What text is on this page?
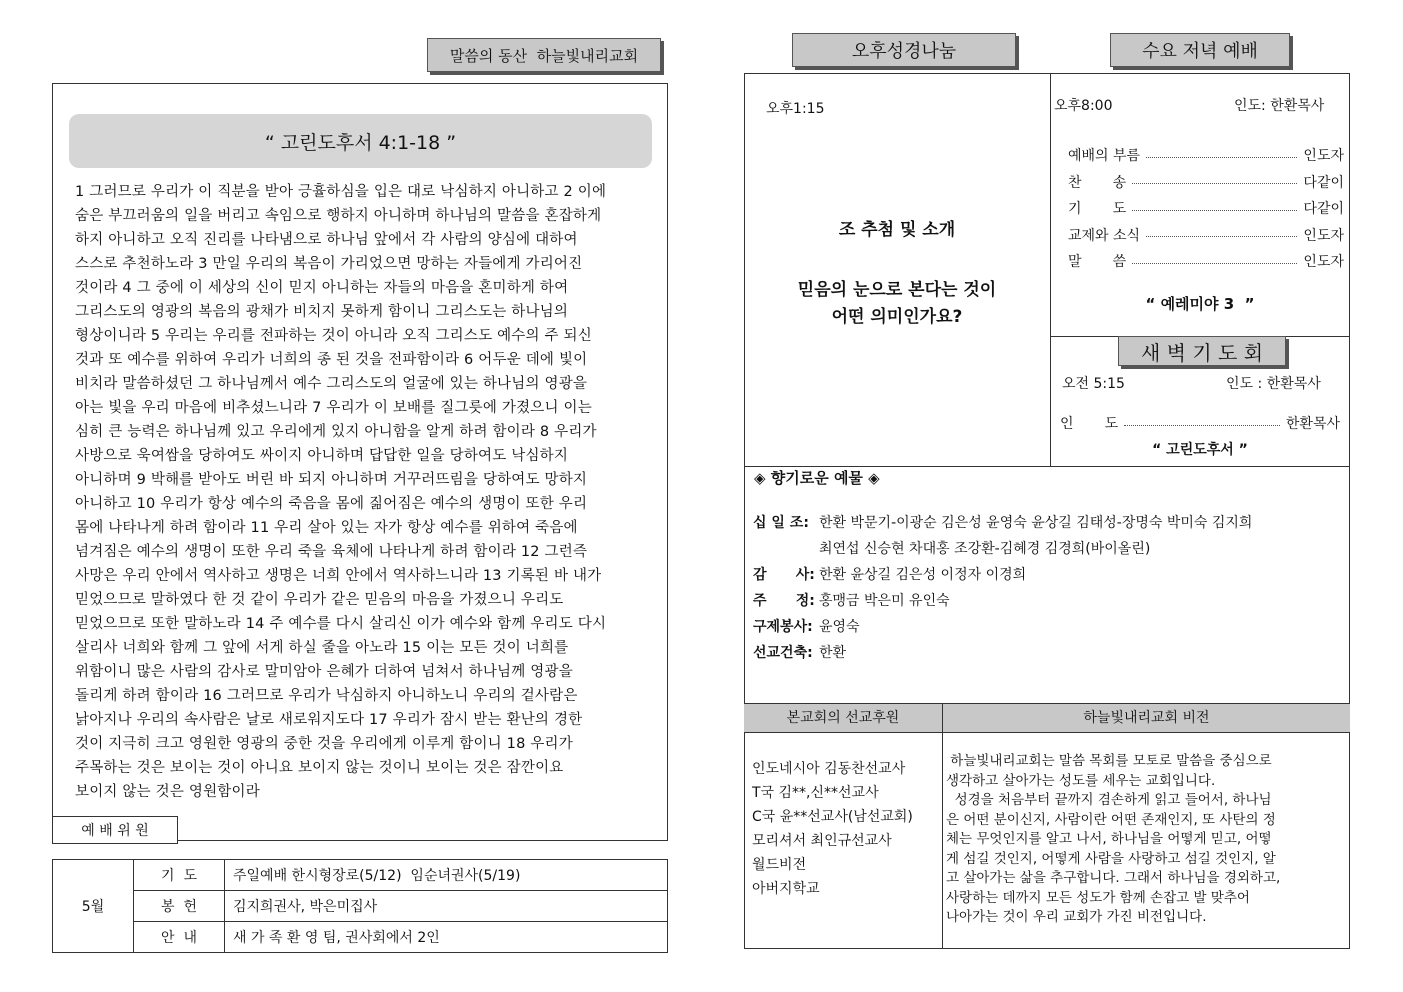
말씀의 동산  하늘빛내리교회
“ 고린도후서 4:1-18 ”

1 그러므로 우리가 이 직분을 받아 긍휼하심을 입은 대로 낙심하지 아니하고 2 이에

숨은 부끄러움의 일을 버리고 속임으로 행하지 아니하며 하나님의 말씀을 혼잡하게

하지 아니하고 오직 진리를 나타냄으로 하나님 앞에서 각 사람의 양심에 대하여

스스로 추천하노라 3 만일 우리의 복음이 가리었으면 망하는 자들에게 가리어진

것이라 4 그 중에 이 세상의 신이 믿지 아니하는 자들의 마음을 혼미하게 하여

그리스도의 영광의 복음의 광채가 비치지 못하게 함이니 그리스도는 하나님의

형상이니라 5 우리는 우리를 전파하는 것이 아니라 오직 그리스도 예수의 주 되신

것과 또 예수를 위하여 우리가 너희의 종 된 것을 전파함이라 6 어두운 데에 빛이

비치라 말씀하셨던 그 하나님께서 예수 그리스도의 얼굴에 있는 하나님의 영광을

아는 빛을 우리 마음에 비추셨느니라 7 우리가 이 보배를 질그릇에 가졌으니 이는

심히 큰 능력은 하나님께 있고 우리에게 있지 아니함을 알게 하려 함이라 8 우리가

사방으로 욱여쌈을 당하여도 싸이지 아니하며 답답한 일을 당하여도 낙심하지

아니하며 9 박해를 받아도 버린 바 되지 아니하며 거꾸러뜨림을 당하여도 망하지

아니하고 10 우리가 항상 예수의 죽음을 몸에 짊어짐은 예수의 생명이 또한 우리

몸에 나타나게 하려 함이라 11 우리 살아 있는 자가 항상 예수를 위하여 죽음에

넘겨짐은 예수의 생명이 또한 우리 죽을 육체에 나타나게 하려 함이라 12 그런즉

사망은 우리 안에서 역사하고 생명은 너희 안에서 역사하느니라 13 기록된 바 내가

믿었으므로 말하였다 한 것 같이 우리가 같은 믿음의 마음을 가졌으니 우리도

믿었으므로 또한 말하노라 14 주 예수를 다시 살리신 이가 예수와 함께 우리도 다시

살리사 너희와 함께 그 앞에 서게 하실 줄을 아노라 15 이는 모든 것이 너희를

위함이니 많은 사람의 감사로 말미암아 은혜가 더하여 넘쳐서 하나님께 영광을

돌리게 하려 함이라 16 그러므로 우리가 낙심하지 아니하노니 우리의 겉사람은

낡아지나 우리의 속사람은 날로 새로워지도다 17 우리가 잠시 받는 환난의 경한

것이 지극히 크고 영원한 영광의 중한 것을 우리에게 이루게 함이니 18 우리가

주목하는 것은 보이는 것이 아니요 보이지 않는 것이니 보이는 것은 잠깐이요

보이지 않는 것은 영원함이라

예 배 위 원
5월	기  도	주일예배 한시형장로(5/12)  임순녀권사(5/19)
	봉  헌	김지희권사, 박은미집사
	안  내	새 가 족 환 영 팀, 권사회에서 2인
오후성경나눔	수요 저녁 예배
오후1:15
조 추첨 및 소개
믿음의 눈으로 본다는 것이
어떤 의미인가요?
오후8:00	인도: 한환목사
예배의 부름	인도자
찬       송	다같이
기       도	다같이
교제와 소식	인도자
말       씀	인도자
“ 예레미야 3  ”
새 벽 기 도 회
오전 5:15	인도 : 한환목사
인       도	한환목사
“ 고린도후서 ”
◈ 향기로운 예물 ◈
십 일 조: 한환 박문기-이광순 김은성 윤영숙 윤상길 김태성-장명숙 박미숙 김지희
최연섭 신승현 차대홍 조강환-김혜경 김경희(바이올린)
감      사: 한환 윤상길 김은성 이정자 이경희
주      정: 홍맹금 박은미 유인숙
구제봉사: 윤영숙
선교건축: 한환
본교회의 선교후원	하늘빛내리교회 비전

인도네시아 김동찬선교사

T국 김**,신**선교사

C국 윤**선교사(남선교회)

모리셔서 최인규선교사

월드비전

아버지학교

하늘빛내리교회는 말씀 목회를 모토로 말씀을 중심으로

생각하고 살아가는 성도를 세우는 교회입니다.

성경을 처음부터 끝까지 겸손하게 읽고 들어서, 하나님

은 어떤 분이신지, 사람이란 어떤 존재인지, 또 사탄의 정

체는 무엇인지를 알고 나서, 하나님을 어떻게 믿고, 어떻

게 섬길 것인지, 어떻게 사람을 사랑하고 섬길 것인지, 알

고 살아가는 삶을 추구합니다. 그래서 하나님을 경외하고,

사랑하는 데까지 모든 성도가 함께 손잡고 발 맞추어

나아가는 것이 우리 교회가 가진 비전입니다.
